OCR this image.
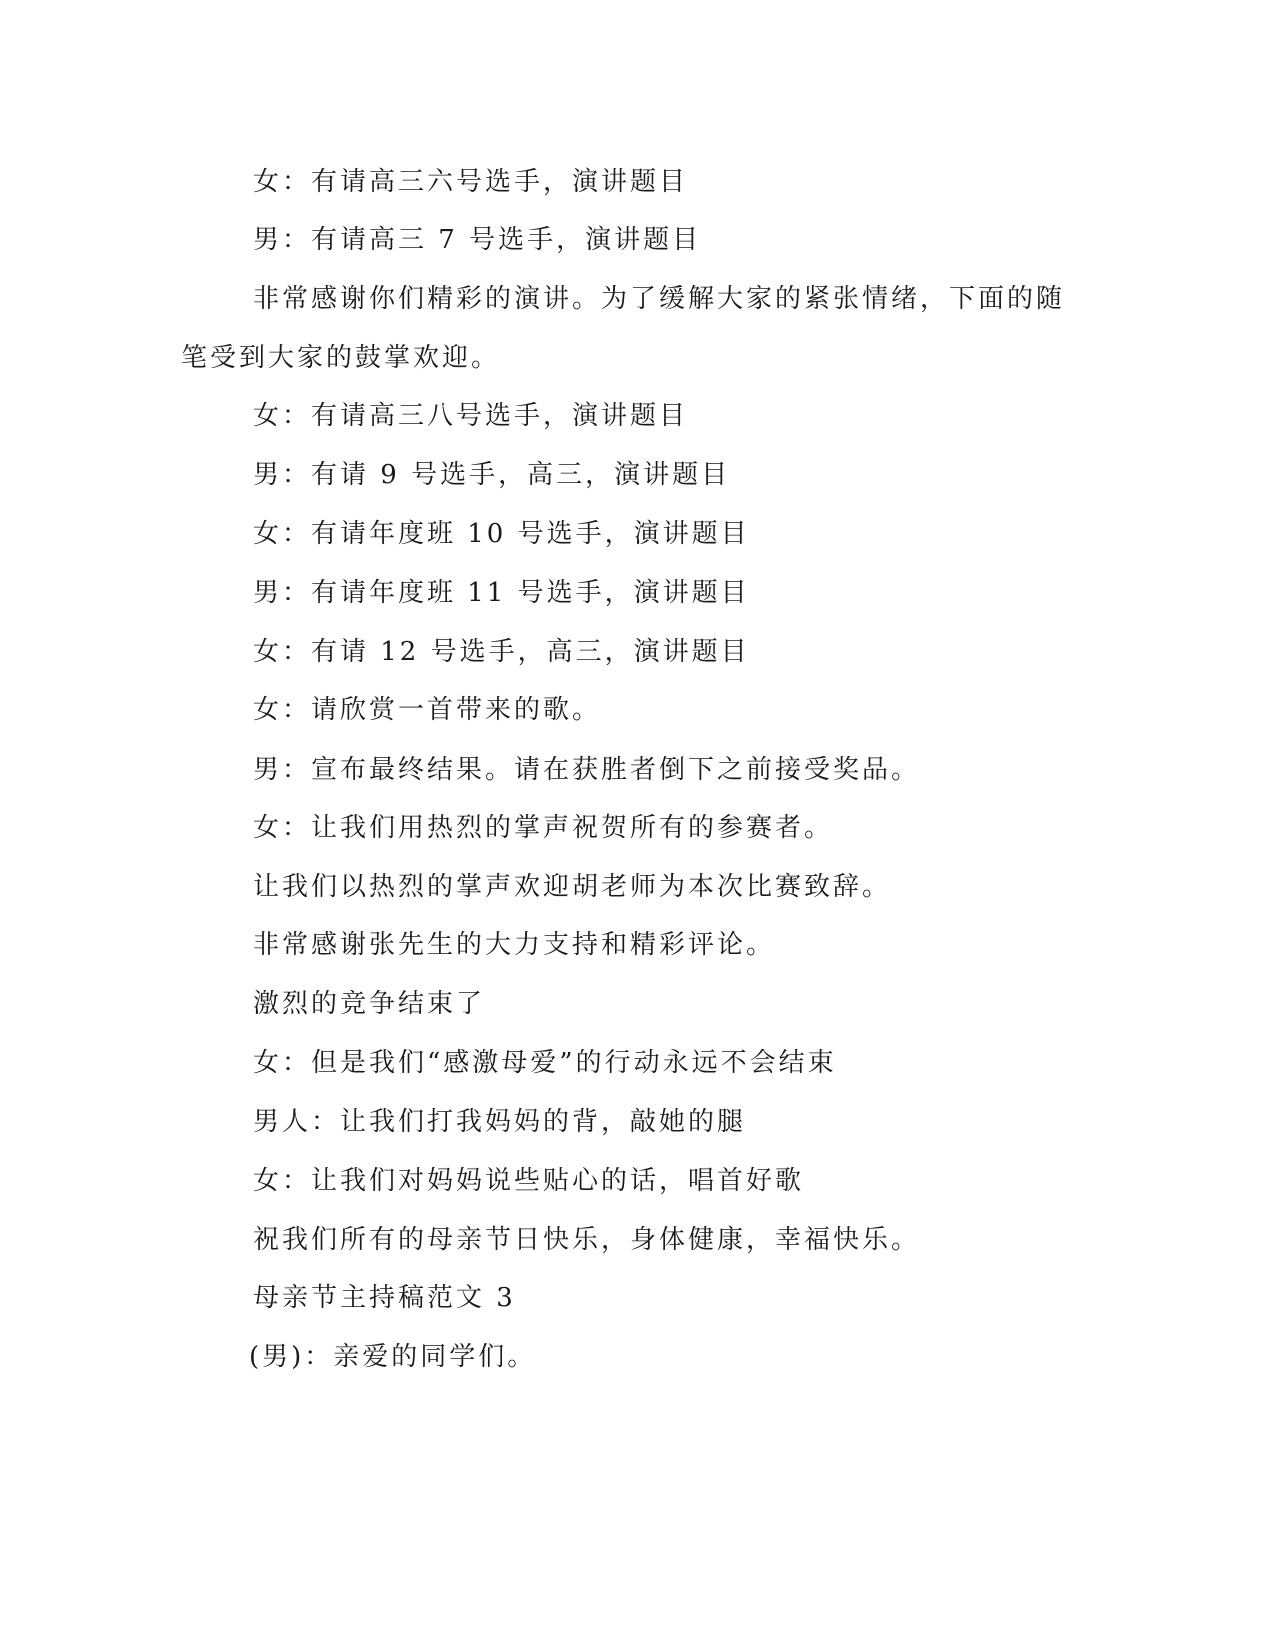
女：有请高三六号选手，演讲题目
男：有请高三 7 号选手，演讲题目
非常感谢你们精彩的演讲。为了缓解大家的紧张情绪，下面的随
笔受到大家的鼓掌欢迎。
女：有请高三八号选手，演讲题目
男：有请 9 号选手，高三，演讲题目
女：有请年度班 10 号选手，演讲题目
男：有请年度班 11 号选手，演讲题目
女：有请 12 号选手，高三，演讲题目
女：请欣赏一首带来的歌。
男：宣布最终结果。请在获胜者倒下之前接受奖品。
女：让我们用热烈的掌声祝贺所有的参赛者。
让我们以热烈的掌声欢迎胡老师为本次比赛致辞。
非常感谢张先生的大力支持和精彩评论。
激烈的竞争结束了
女：但是我们“感激母爱”的行动永远不会结束
男人：让我们打我妈妈的背，敲她的腿
女：让我们对妈妈说些贴心的话，唱首好歌
祝我们所有的母亲节日快乐，身体健康，幸福快乐。
母亲节主持稿范文 3
(男)：亲爱的同学们。
